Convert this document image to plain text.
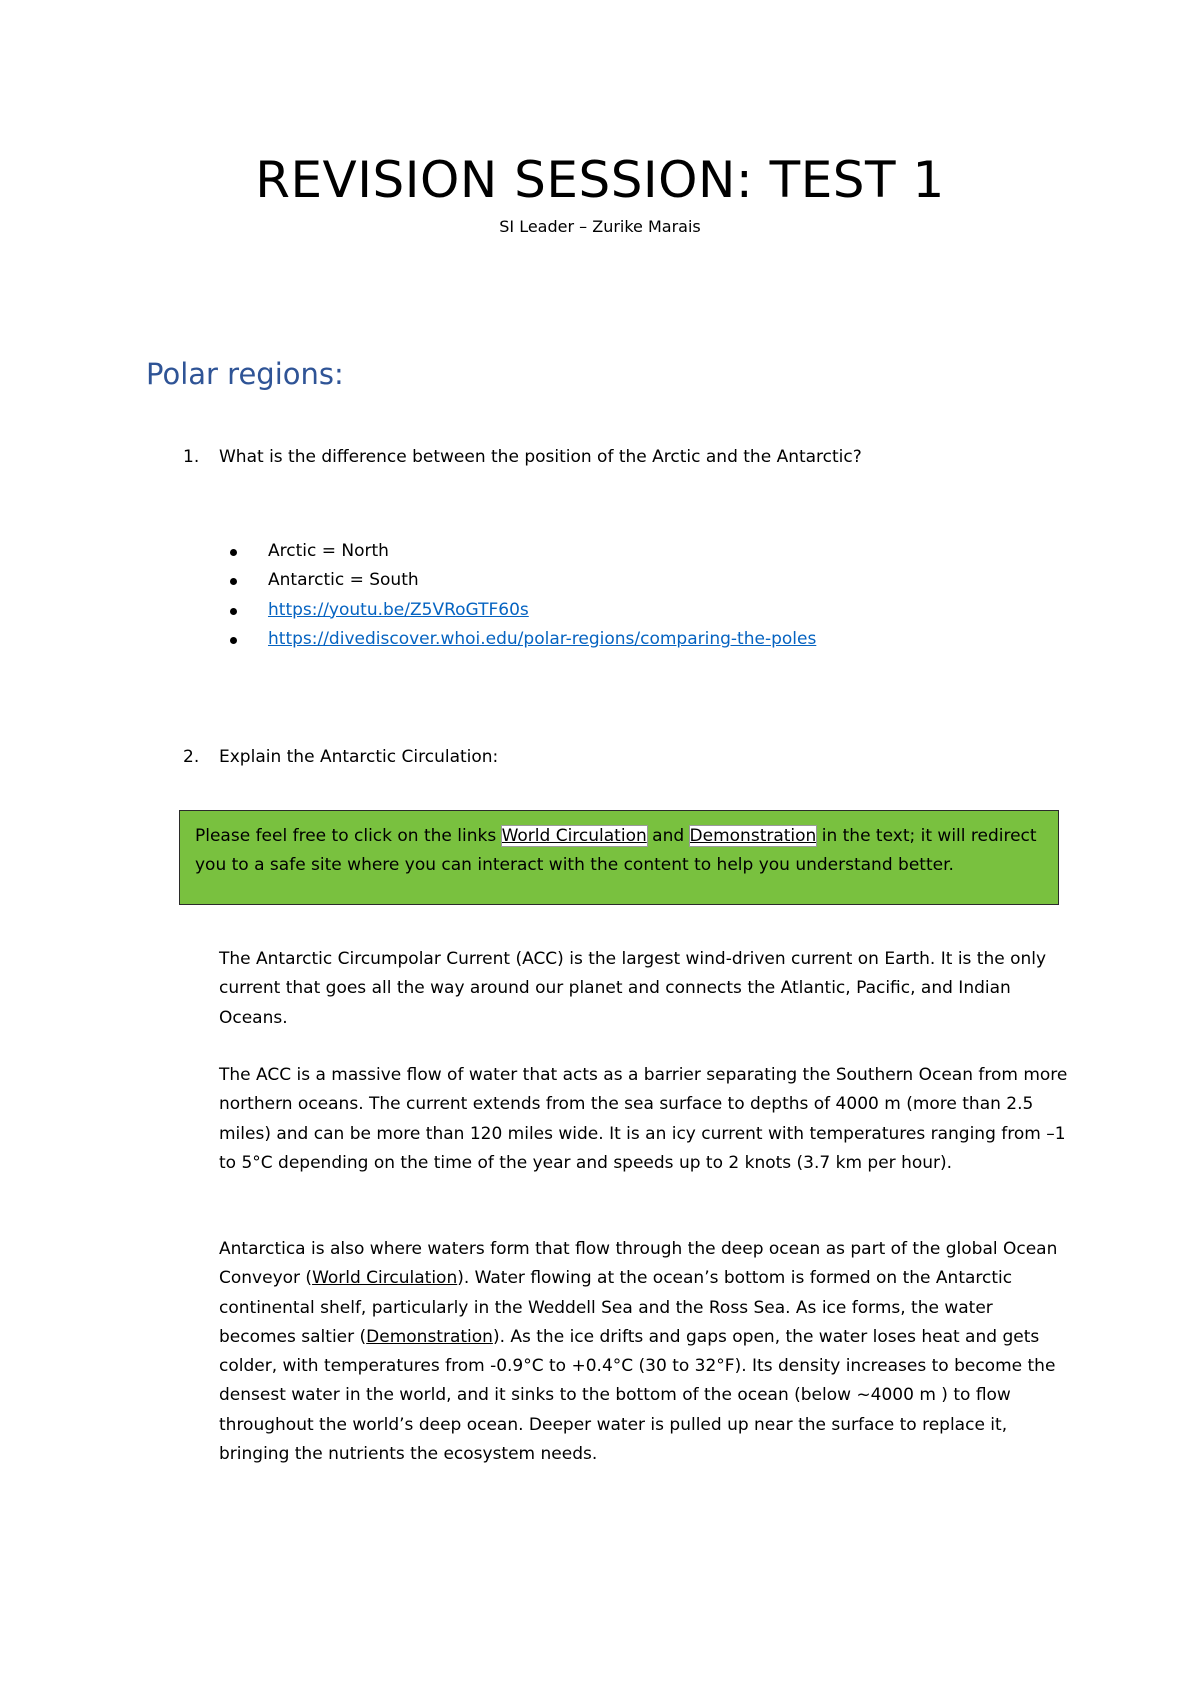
REVISION SESSION: TEST 1
SI Leader – Zurike Marais
Polar regions:
1. What is the difference between the position of the Arctic and the Antarctic?
Arctic = North
Antarctic = South
https://youtu.be/Z5VRoGTF60s
https://divediscover.whoi.edu/polar-regions/comparing-the-poles
2. Explain the Antarctic Circulation:
Please feel free to click on the links World Circulation and Demonstration in the text; it will redirect you to a safe site where you can interact with the content to help you understand better.

The Antarctic Circumpolar Current (ACC) is the largest wind-driven current on Earth. It is the only current that goes all the way around our planet and connects the Atlantic, Pacific, and Indian Oceans.

The ACC is a massive flow of water that acts as a barrier separating the Southern Ocean from more northern oceans. The current extends from the sea surface to depths of 4000 m (more than 2.5 miles) and can be more than 120 miles wide. It is an icy current with temperatures ranging from –1 to 5°C depending on the time of the year and speeds up to 2 knots (3.7 km per hour).

Antarctica is also where waters form that flow through the deep ocean as part of the global Ocean Conveyor (World Circulation). Water flowing at the ocean’s bottom is formed on the Antarctic continental shelf, particularly in the Weddell Sea and the Ross Sea. As ice forms, the water becomes saltier (Demonstration). As the ice drifts and gaps open, the water loses heat and gets colder, with temperatures from -0.9°C to +0.4°C (30 to 32°F). Its density increases to become the densest water in the world, and it sinks to the bottom of the ocean (below ~4000 m ) to flow throughout the world’s deep ocean. Deeper water is pulled up near the surface to replace it, bringing the nutrients the ecosystem needs.
